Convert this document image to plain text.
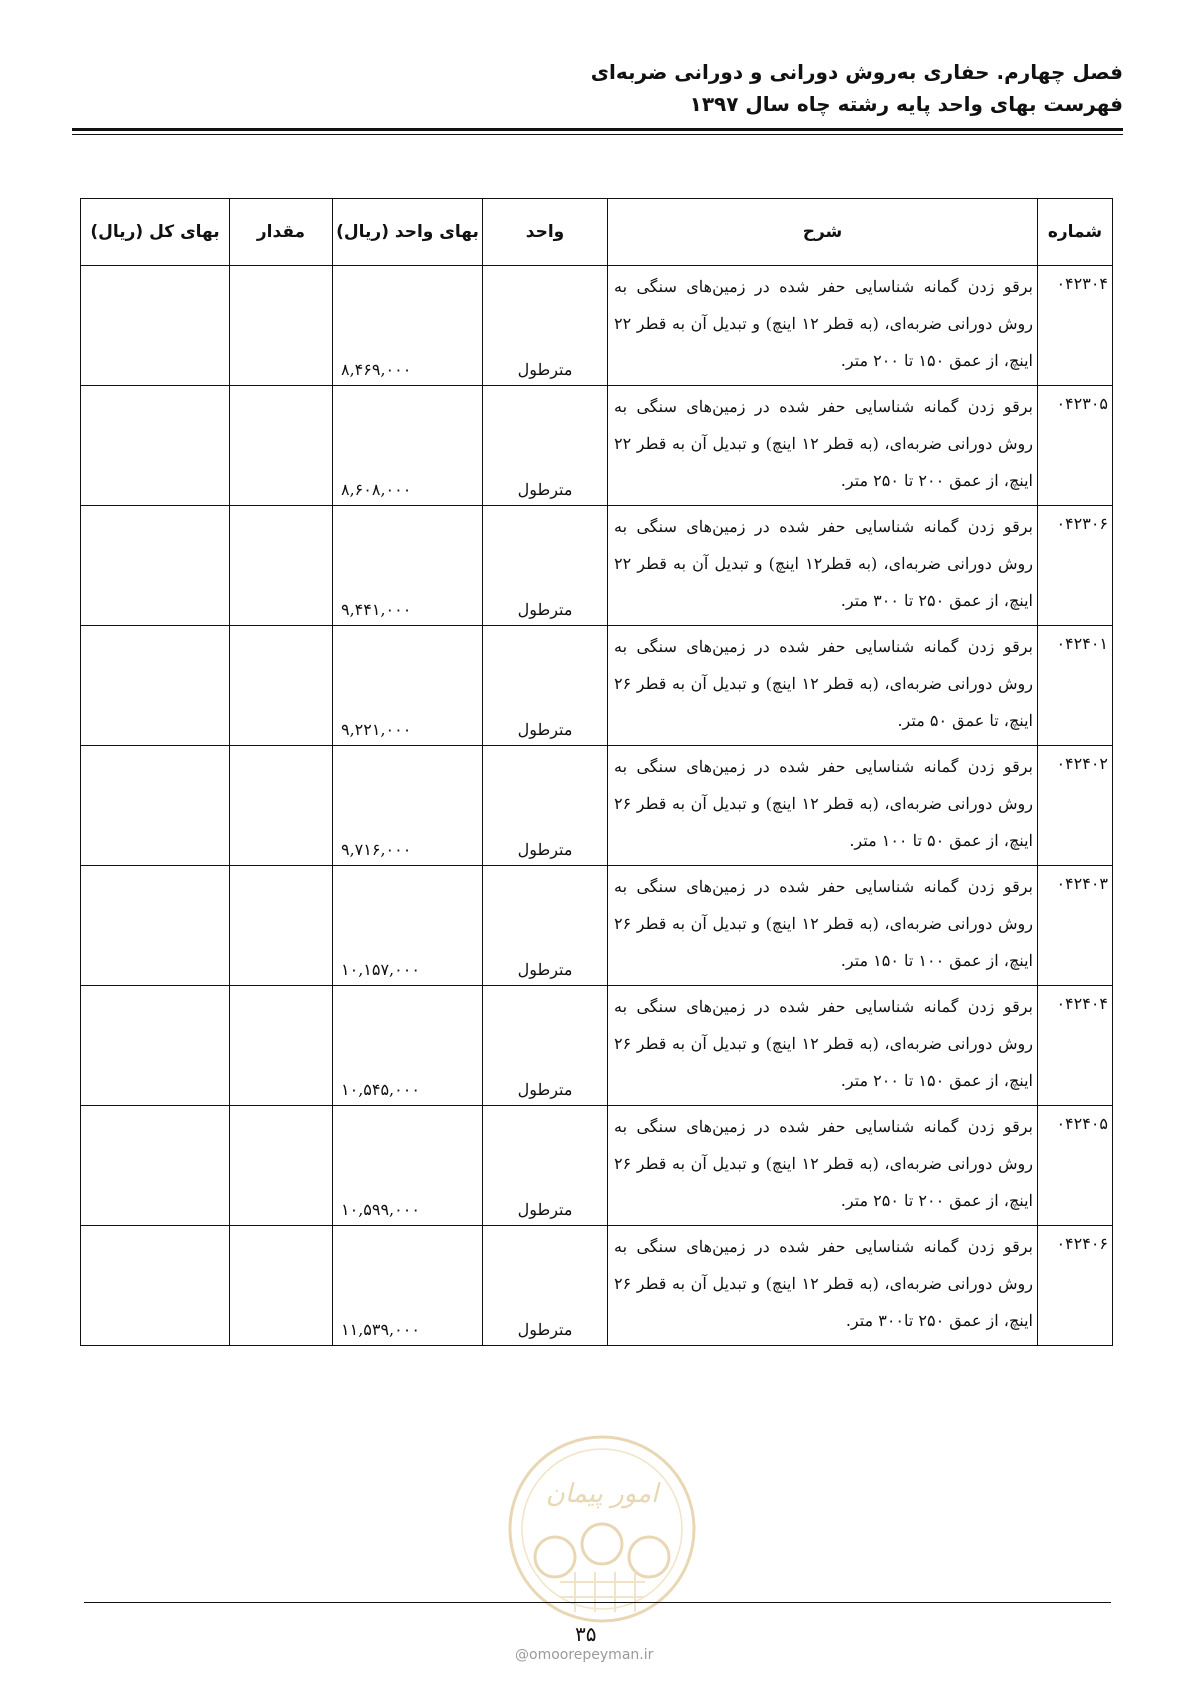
فصل چهارم. حفاری به‌روش دورانی و دورانی ضربه‌ای
فهرست بهای واحد پایه رشته چاه سال ۱۳۹۷
شماره	شرح	واحد	بهای واحد (ریال)	مقدار	بهای کل (ریال)
۰۴۲۳۰۴	برقو زدن گمانه شناسایی حفر شده در زمین‌های سنگی به روش دورانی ضربه‌ای، (به قطر ۱۲ اینچ) و تبدیل آن به قطر ۲۲ اینچ، از عمق ۱۵۰ تا ۲۰۰ متر.	مترطول	۸,۴۶۹,۰۰۰		
۰۴۲۳۰۵	برقو زدن گمانه شناسایی حفر شده در زمین‌های سنگی به روش دورانی ضربه‌ای، (به قطر ۱۲ اینچ) و تبدیل آن به قطر ۲۲ اینچ، از عمق ۲۰۰ تا ۲۵۰ متر.	مترطول	۸,۶۰۸,۰۰۰		
۰۴۲۳۰۶	برقو زدن گمانه شناسایی حفر شده در زمین‌های سنگی به روش دورانی ضربه‌ای، (به قطر۱۲ اینچ) و تبدیل آن به قطر ۲۲ اینچ، از عمق ۲۵۰ تا ۳۰۰ متر.	مترطول	۹,۴۴۱,۰۰۰		
۰۴۲۴۰۱	برقو زدن گمانه شناسایی حفر شده در زمین‌های سنگی به روش دورانی ضربه‌ای، (به قطر ۱۲ اینچ) و تبدیل آن به قطر ۲۶ اینچ، تا عمق ۵۰ متر.	مترطول	۹,۲۲۱,۰۰۰		
۰۴۲۴۰۲	برقو زدن گمانه شناسایی حفر شده در زمین‌های سنگی به روش دورانی ضربه‌ای، (به قطر ۱۲ اینچ) و تبدیل آن به قطر ۲۶ اینچ، از عمق ۵۰ تا ۱۰۰ متر.	مترطول	۹,۷۱۶,۰۰۰		
۰۴۲۴۰۳	برقو زدن گمانه شناسایی حفر شده در زمین‌های سنگی به روش دورانی ضربه‌ای، (به قطر ۱۲ اینچ) و تبدیل آن به قطر ۲۶ اینچ، از عمق ۱۰۰ تا ۱۵۰ متر.	مترطول	۱۰,۱۵۷,۰۰۰		
۰۴۲۴۰۴	برقو زدن گمانه شناسایی حفر شده در زمین‌های سنگی به روش دورانی ضربه‌ای، (به قطر ۱۲ اینچ) و تبدیل آن به قطر ۲۶ اینچ، از عمق ۱۵۰ تا ۲۰۰ متر.	مترطول	۱۰,۵۴۵,۰۰۰		
۰۴۲۴۰۵	برقو زدن گمانه شناسایی حفر شده در زمین‌های سنگی به روش دورانی ضربه‌ای، (به قطر ۱۲ اینچ) و تبدیل آن به قطر ۲۶ اینچ، از عمق ۲۰۰ تا ۲۵۰ متر.	مترطول	۱۰,۵۹۹,۰۰۰		
۰۴۲۴۰۶	برقو زدن گمانه شناسایی حفر شده در زمین‌های سنگی به روش دورانی ضربه‌ای، (به قطر ۱۲ اینچ) و تبدیل آن به قطر ۲۶ اینچ، از عمق ۲۵۰ تا۳۰۰ متر.	مترطول	۱۱,۵۳۹,۰۰۰		
امور پیمان
۳۵
@omoorepeyman.ir
